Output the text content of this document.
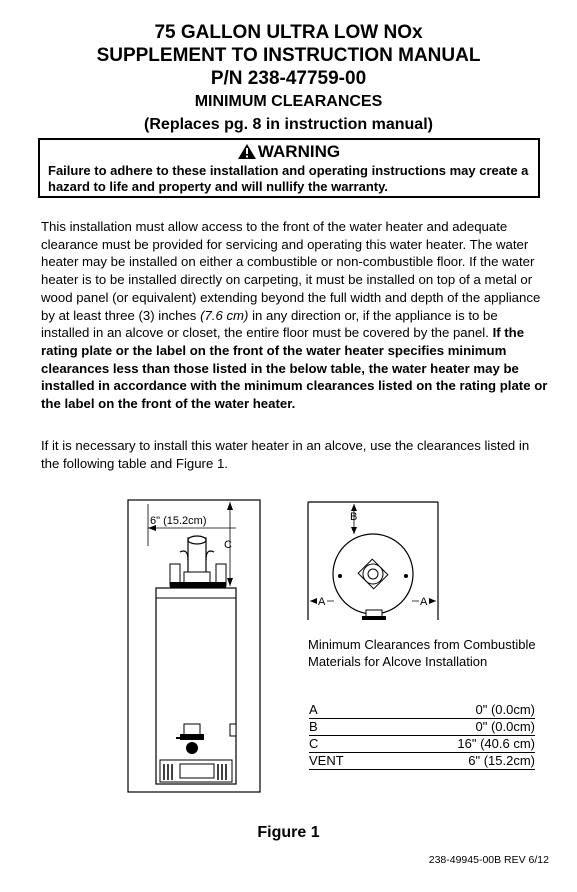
75 GALLON ULTRA LOW NOx
SUPPLEMENT TO INSTRUCTION MANUAL
P/N 238-47759-00
MINIMUM CLEARANCES
(Replaces pg. 8 in instruction manual)
WARNING
Failure to adhere to these installation and operating instructions may create a hazard to life and property and will nullify the warranty.
This installation must allow access to the front of the water heater and adequate clearance must be provided for servicing and operating this water heater. The water heater may be installed on either a combustible or non-combustible floor. If the water heater is to be installed directly on carpeting, it must be installed on top of a metal or wood panel (or equivalent) extending beyond the full width and depth of the appliance by at least three (3) inches (7.6 cm) in any direction or, if the appliance is to be installed in an alcove or closet, the entire floor must be covered by the panel. If the rating plate or the label on the front of the water heater specifies minimum clearances less than those listed in the below table, the water heater may be installed in accordance with the minimum clearances listed on the rating plate or the label on the front of the water heater.
If it is necessary to install this water heater in an alcove, use the clearances listed in the following table and Figure 1.
6" (15.2cm)
C
B
A	A
Minimum Clearances from Combustible Materials for Alcove Installation
A	0" (0.0cm)
B	0" (0.0cm)
C	16" (40.6 cm)
VENT	6" (15.2cm)
Figure 1
238-49945-00B REV 6/12
